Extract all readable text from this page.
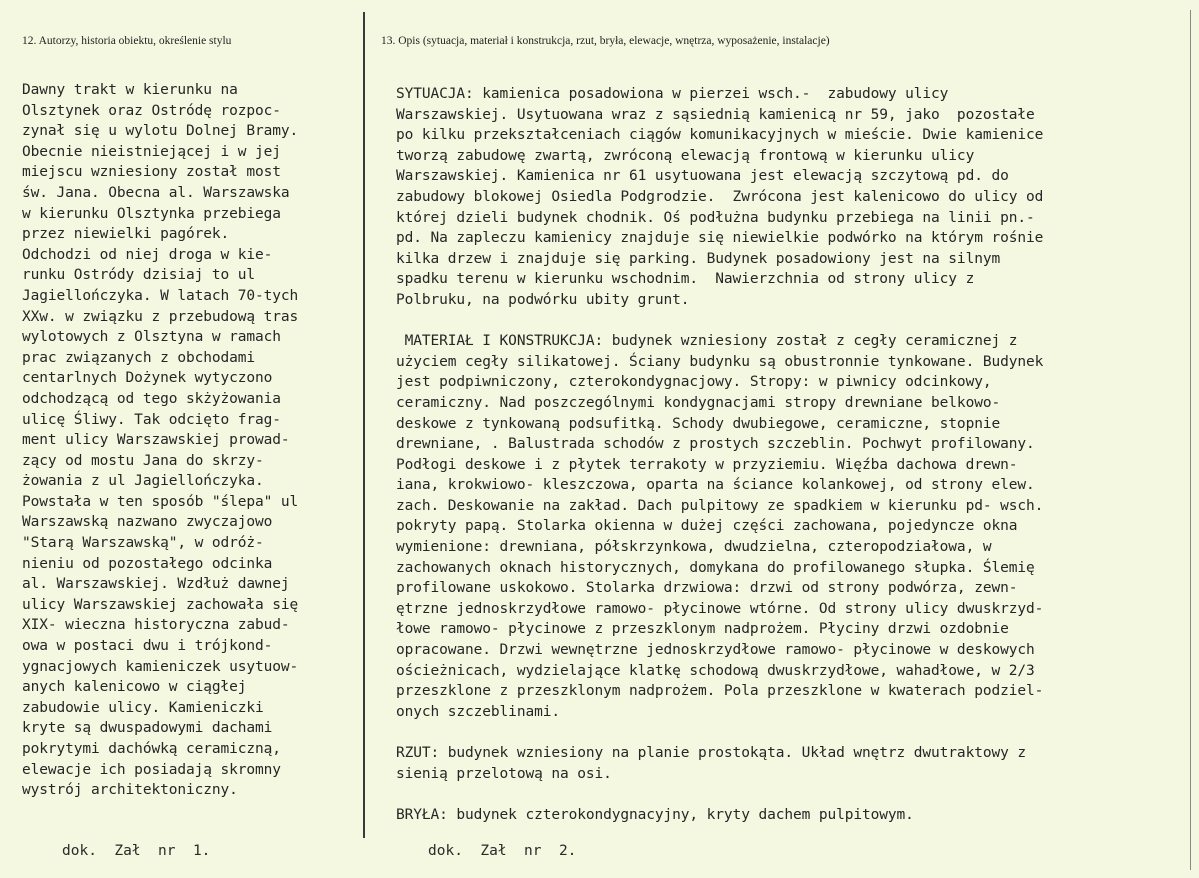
12. Autorzy, historia obiektu, określenie stylu	13. Opis (sytuacja, materiał i konstrukcja, rzut, bryła, elewacje, wnętrza, wyposażenie, instalacje)
Dawny trakt w kierunku na
Olsztynek oraz Ostródę rozpoc-
zynał się u wylotu Dolnej Bramy.
Obecnie nieistniejącej i w jej
miejscu wzniesiony został most
św. Jana. Obecna al. Warszawska
w kierunku Olsztynka przebiega
przez niewielki pagórek.
Odchodzi od niej droga w kie-
runku Ostródy dzisiaj to ul
Jagiellończyka. W latach 70-tych
XXw. w związku z przebudową tras
wylotowych z Olsztyna w ramach
prac związanych z obchodami
centarlnych Dożynek wytyczono
odchodzącą od tego skżyżowania
ulicę Śliwy. Tak odcięto frag-
ment ulicy Warszawskiej prowad-
zący od mostu Jana do skrzy-
żowania z ul Jagiellończyka.
Powstała w ten sposób "ślepa" ul
Warszawską nazwano zwyczajowo
"Starą Warszawską", w odróż-
nieniu od pozostałego odcinka
al. Warszawskiej. Wzdłuż dawnej
ulicy Warszawskiej zachowała się
XIX- wieczna historyczna zabud-
owa w postaci dwu i trójkond-
ygnacjowych kamieniczek usytuow-
anych kalenicowo w ciągłej
zabudowie ulicy. Kamieniczki
kryte są dwuspadowymi dachami
pokrytymi dachówką ceramiczną,
elewacje ich posiadają skromny
wystrój architektoniczny.
SYTUACJA: kamienica posadowiona w pierzei wsch.-  zabudowy ulicy
Warszawskiej. Usytuowana wraz z sąsiednią kamienicą nr 59, jako  pozostałe
po kilku przekształceniach ciągów komunikacyjnych w mieście. Dwie kamienice
tworzą zabudowę zwartą, zwróconą elewacją frontową w kierunku ulicy
Warszawskiej. Kamienica nr 61 usytuowana jest elewacją szczytową pd. do
zabudowy blokowej Osiedla Podgrodzie.  Zwrócona jest kalenicowo do ulicy od
której dzieli budynek chodnik. Oś podłużna budynku przebiega na linii pn.-
pd. Na zapleczu kamienicy znajduje się niewielkie podwórko na którym rośnie
kilka drzew i znajduje się parking. Budynek posadowiony jest na silnym
spadku terenu w kierunku wschodnim.  Nawierzchnia od strony ulicy z
Polbruku, na podwórku ubity grunt.
MATERIAŁ I KONSTRUKCJA: budynek wzniesiony został z cegły ceramicznej z
użyciem cegły silikatowej. Ściany budynku są obustronnie tynkowane. Budynek
jest podpiwniczony, czterokondygnacjowy. Stropy: w piwnicy odcinkowy,
ceramiczny. Nad poszczególnymi kondygnacjami stropy drewniane belkowo-
deskowe z tynkowaną podsufitką. Schody dwubiegowe, ceramiczne, stopnie
drewniane, . Balustrada schodów z prostych szczeblin. Pochwyt profilowany.
Podłogi deskowe i z płytek terrakoty w przyziemiu. Więźba dachowa drewn-
iana, krokwiowo- kleszczowa, oparta na ściance kolankowej, od strony elew.
zach. Deskowanie na zakład. Dach pulpitowy ze spadkiem w kierunku pd- wsch.
pokryty papą. Stolarka okienna w dużej części zachowana, pojedyncze okna
wymienione: drewniana, półskrzynkowa, dwudzielna, czteropodziałowa, w
zachowanych oknach historycznych, domykana do profilowanego słupka. Ślemię
profilowane uskokowo. Stolarka drzwiowa: drzwi od strony podwórza, zewn-
ętrzne jednoskrzydłowe ramowo- płycinowe wtórne. Od strony ulicy dwuskrzyd-
łowe ramowo- płycinowe z przeszklonym nadprożem. Płyciny drzwi ozdobnie
opracowane. Drzwi wewnętrzne jednoskrzydłowe ramowo- płycinowe w deskowych
ościeżnicach, wydzielające klatkę schodową dwuskrzydłowe, wahadłowe, w 2/3
przeszklone z przeszklonym nadprożem. Pola przeszklone w kwaterach podziel-
onych szczeblinami.
RZUT: budynek wzniesiony na planie prostokąta. Układ wnętrz dwutraktowy z
sienią przelotową na osi.
BRYŁA: budynek czterokondygnacyjny, kryty dachem pulpitowym.
dok.  Zał  nr  1.	dok.  Zał  nr  2.
